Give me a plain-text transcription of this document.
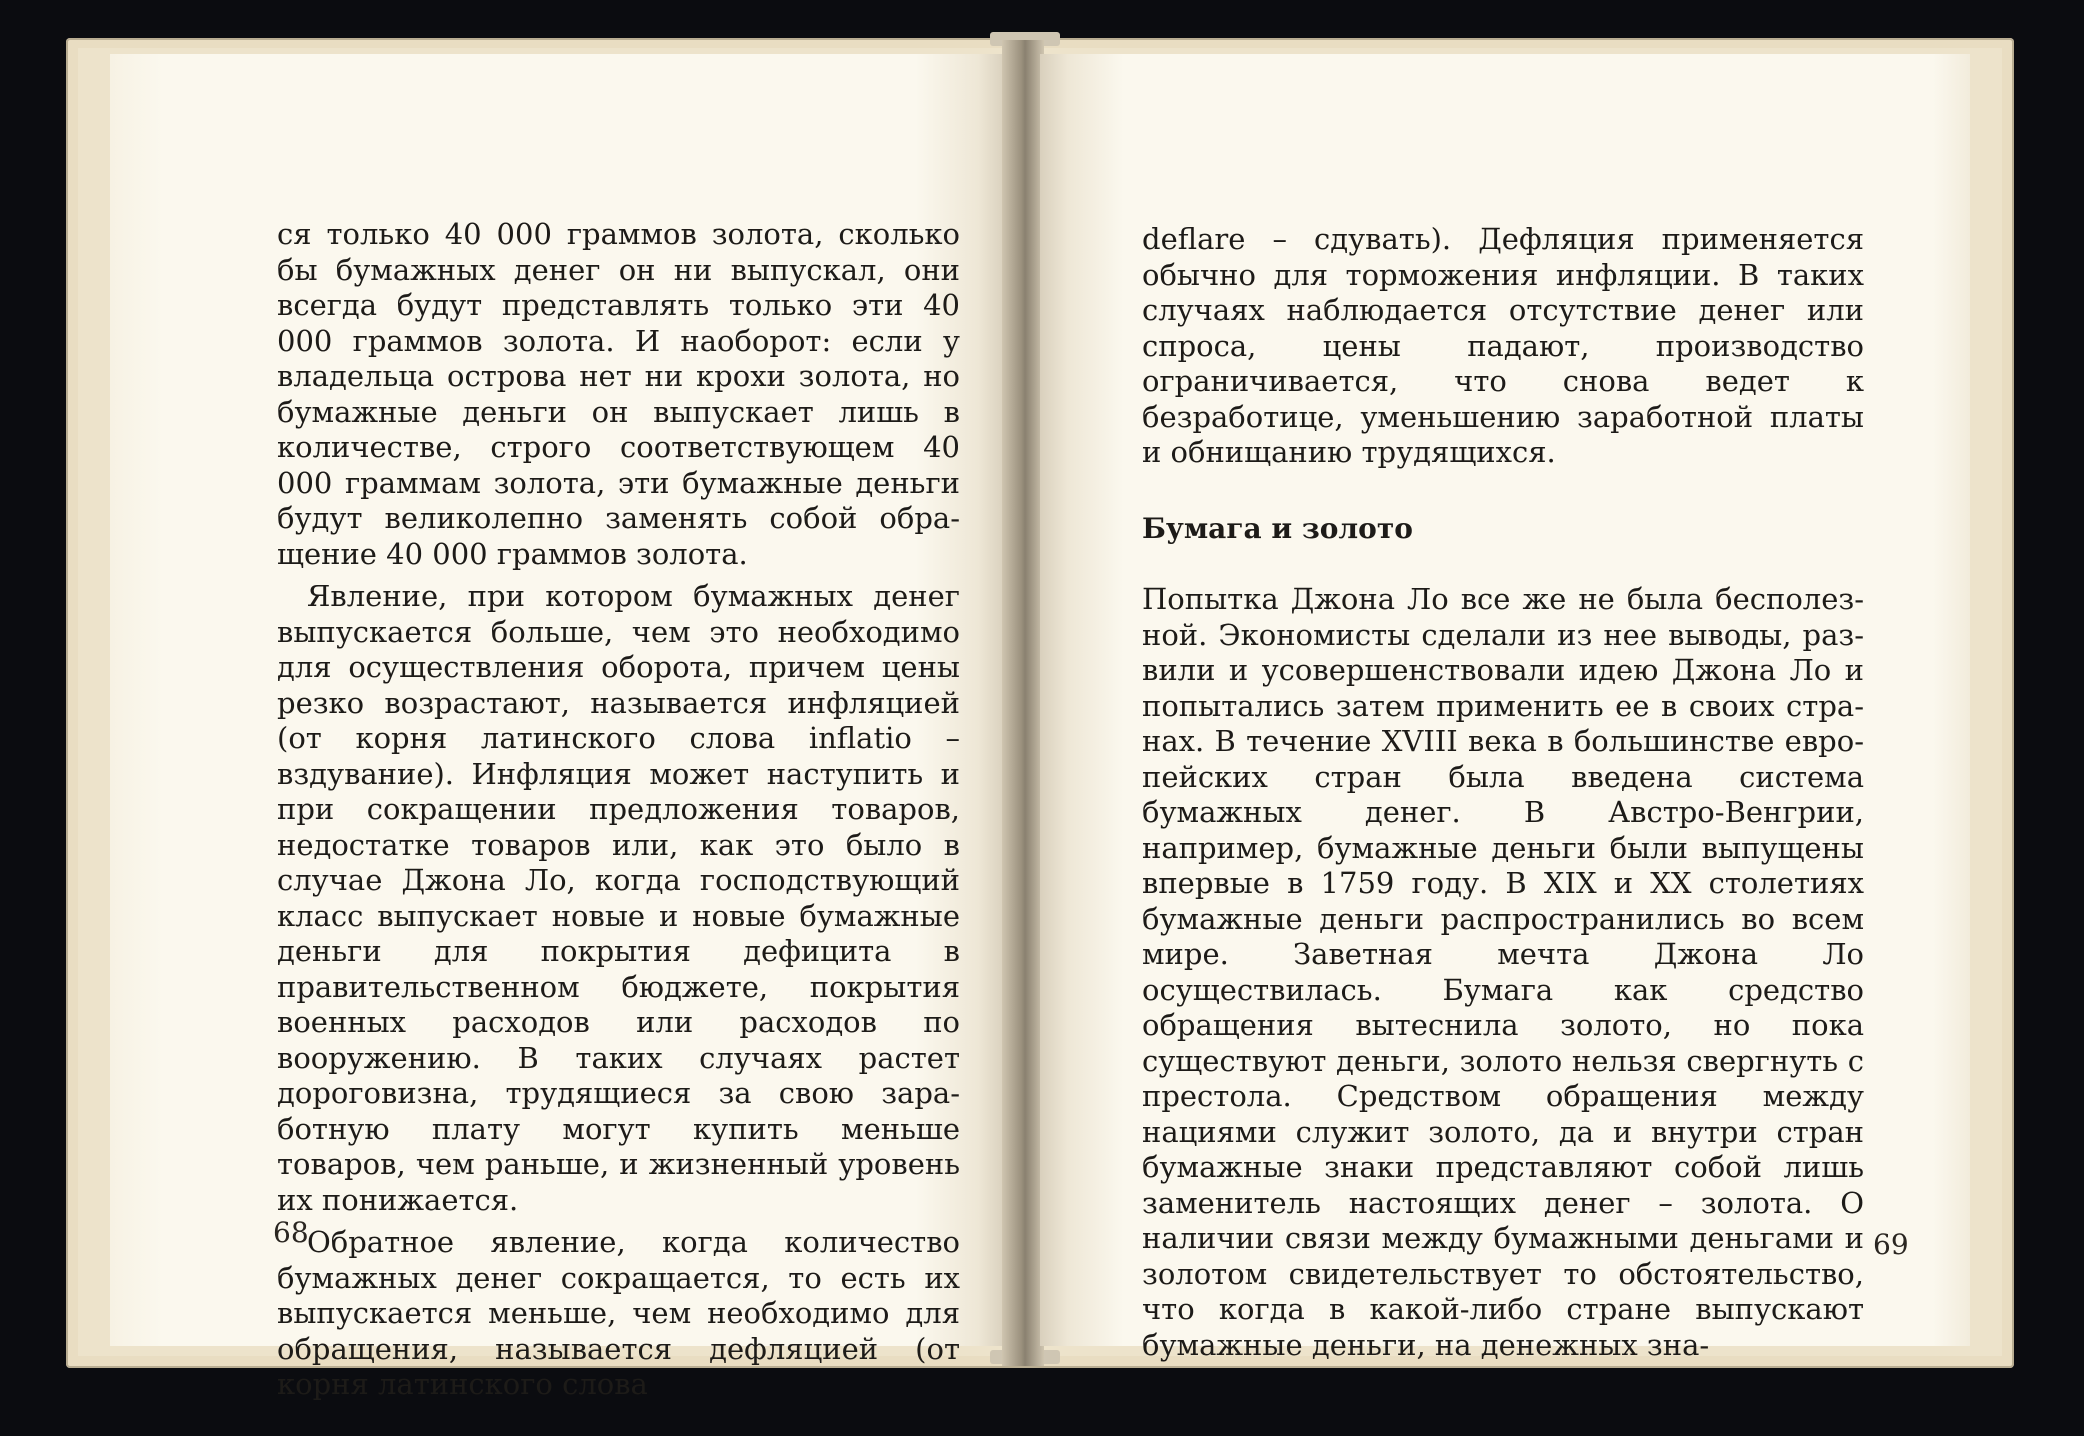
ся только 40 000 граммов золота, сколько бы бумажных денег он ни выпускал, они всегда будут представлять только эти 40 000 граммов золота. И наоборот: если у владельца острова нет ни крохи золота, но бумажные деньги он выпускает лишь в количестве, строго соответствующем 40 000 граммам золота, эти бумажные деньги будут великолепно заменять собой обращение 40 000 граммов золота.

Явление, при котором бумажных денег выпускается больше, чем это необходимо для осуществления оборота, причем цены резко возрастают, называется инфляцией (от корня латинского слова inflatio – вздувание). Инфляция может наступить и при сокращении предложения товаров, недостатке товаров или, как это было в случае Джона Ло, когда господствующий класс выпускает новые и новые бумажные деньги для покрытия дефицита в правительственном бюджете, покрытия военных расходов или расходов по вооружению. В таких случаях растет дороговизна, трудящиеся за свою заработную плату могут купить меньше товаров, чем раньше, и жизненный уровень их понижается.

Обратное явление, когда количество бумажных денег сокращается, то есть их выпускается меньше, чем необходимо для обращения, называется дефляцией (от корня латинского слова

68

deflare – сдувать). Дефляция применяется обычно для торможения инфляции. В таких случаях наблюдается отсутствие денег или спроса, цены падают, производство ограничивается, что снова ведет к безработице, уменьшению заработной платы и обнищанию трудящихся.

Бумага и золото

Попытка Джона Ло все же не была бесполезной. Экономисты сделали из нее выводы, развили и усовершенствовали идею Джона Ло и попытались затем применить ее в своих странах. В течение XVIII века в большинстве европейских стран была введена система бумажных денег. В Австро-Венгрии, например, бумажные деньги были выпущены впервые в 1759 году. В XIX и XX столетиях бумажные деньги распространились во всем мире. Заветная мечта Джона Ло осуществилась. Бумага как средство обращения вытеснила золото, но пока существуют деньги, золото нельзя свергнуть с престола. Средством обращения между нациями служит золото, да и внутри стран бумажные знаки представляют собой лишь заменитель настоящих денег – золота. О наличии связи между бумажными деньгами и золотом свидетельствует то обстоятельство, что когда в какой-либо стране выпускают бумажные деньги, на денежных зна-

69
